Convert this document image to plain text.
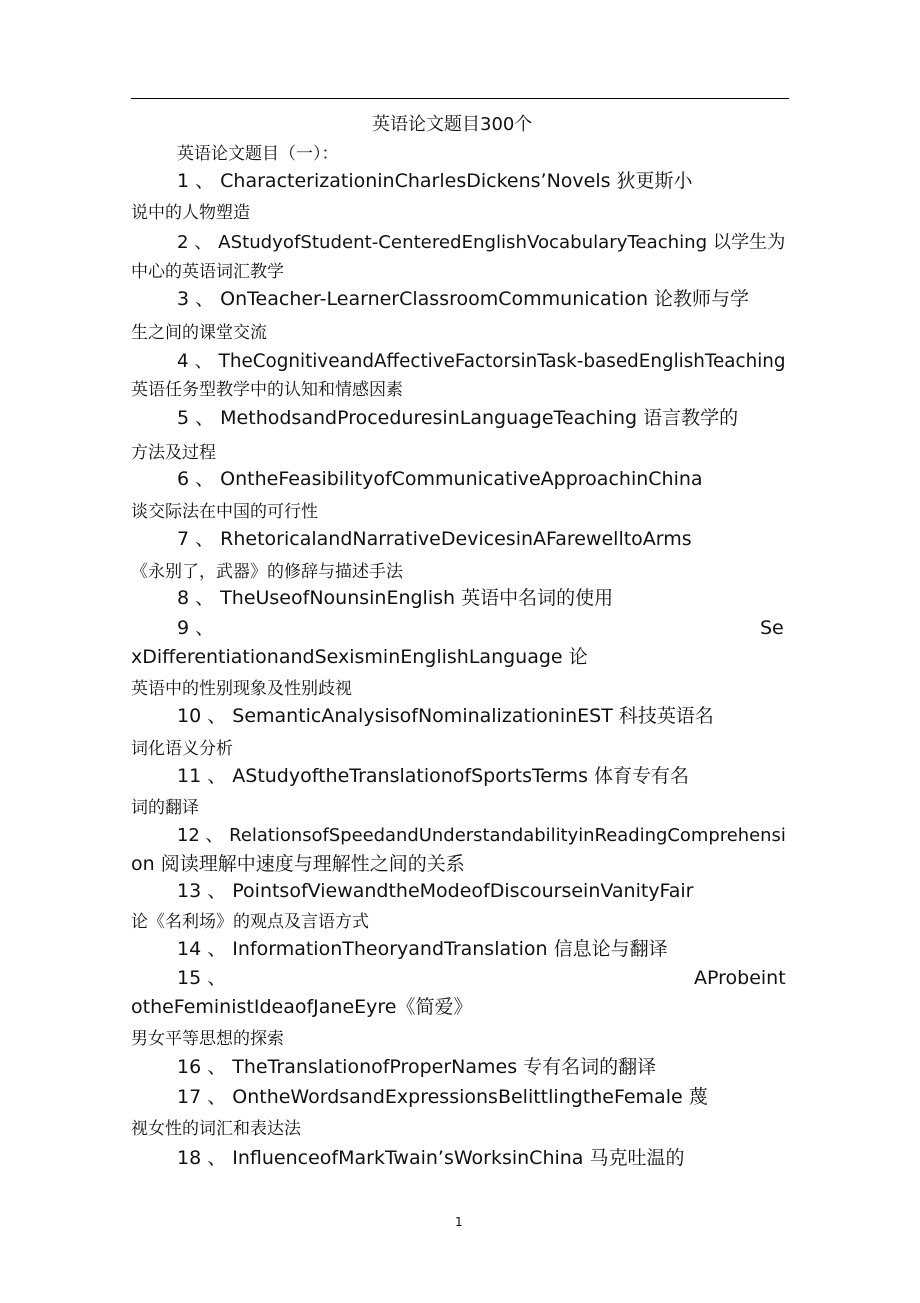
英语论文题目300个
英语论文题目（一）：
1 、 CharacterizationinCharlesDickens’Novels 狄更斯小
说中的人物塑造
2 、 AStudyofStudent-CenteredEnglishVocabularyTeaching 以学生为
中心的英语词汇教学
3 、 OnTeacher-LearnerClassroomCommunication 论教师与学
生之间的课堂交流
4 、 TheCognitiveandAffectiveFactorsinTask-basedEnglishTeaching
英语任务型教学中的认知和情感因素
5 、 MethodsandProceduresinLanguageTeaching 语言教学的
方法及过程
6 、 OntheFeasibilityofCommunicativeApproachinChina
谈交际法在中国的可行性
7 、 RhetoricalandNarrativeDevicesinAFarewelltoArms
《永别了，武器》的修辞与描述手法
8 、 TheUseofNounsinEnglish 英语中名词的使用
9 、	Se
xDifferentiationandSexisminEnglishLanguage 论
英语中的性别现象及性别歧视
10 、 SemanticAnalysisofNominalizationinEST 科技英语名
词化语义分析
11 、 AStudyoftheTranslationofSportsTerms 体育专有名
词的翻译
12 、 RelationsofSpeedandUnderstandabilityinReadingComprehensi
on 阅读理解中速度与理解性之间的关系
13 、 PointsofViewandtheModeofDiscourseinVanityFair
论《名利场》的观点及言语方式
14 、 InformationTheoryandTranslation 信息论与翻译
15 、	AProbeint
otheFeministIdeaofJaneEyre《简爱》
男女平等思想的探索
16 、 TheTranslationofProperNames 专有名词的翻译
17 、 OntheWordsandExpressionsBelittlingtheFemale 蔑
视女性的词汇和表达法
18 、 InfluenceofMarkTwain’sWorksinChina 马克吐温的
1
